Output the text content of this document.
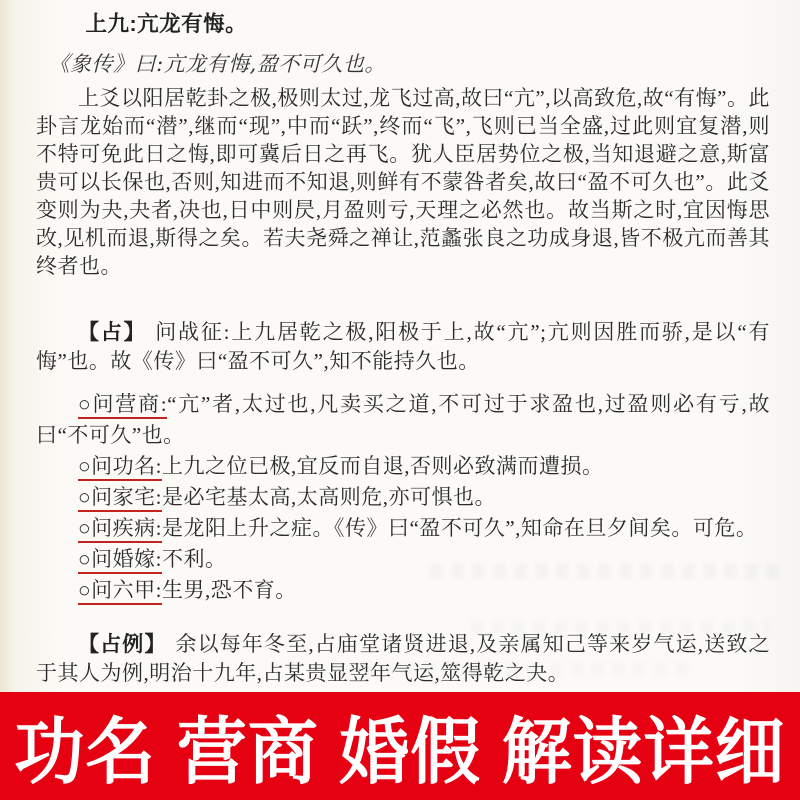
上九:亢龙有悔。

《象传》曰:亢龙有悔,盈不可久也。

上爻以阳居乾卦之极,极则太过,龙飞过高,故曰“亢”,以高致危,故“有悔”。此卦言龙始而“潜”,继而“现”,中而“跃”,终而“飞”,飞则已当全盛,过此则宜复潜,则不特可免此日之悔,即可冀后日之再飞。犹人臣居势位之极,当知退避之意,斯富贵可以长保也,否则,知进而不知退,则鲜有不蒙咎者矣,故曰“盈不可久也”。此爻变则为夬,夬者,决也,日中则昃,月盈则亏,天理之必然也。故当斯之时,宜因悔思改,见机而退,斯得之矣。若夫尧舜之禅让,范蠡张良之功成身退,皆不极亢而善其终者也。

【占】 问战征:上九居乾之极,阳极于上,故“亢”;亢则因胜而骄,是以“有悔”也。故《传》曰“盈不可久”,知不能持久也。

○问营商:“亢”者,太过也,凡卖买之道,不可过于求盈也,过盈则必有亏,故曰“不可久”也。

○问功名:上九之位已极,宜反而自退,否则必致满而遭损。

○问家宅:是必宅基太高,太高则危,亦可惧也。

○问疾病:是龙阳上升之症。《传》曰“盈不可久”,知命在旦夕间矣。可危。

○问婚嫁:不利。

○问六甲:生男,恐不育。

【占例】 余以每年冬至,占庙堂诸贤进退,及亲属知己等来岁气运,送致之于其人为例,明治十九年,占某贵显翌年气运,筮得乾之夬。

功名 营商 婚假 解读详细
